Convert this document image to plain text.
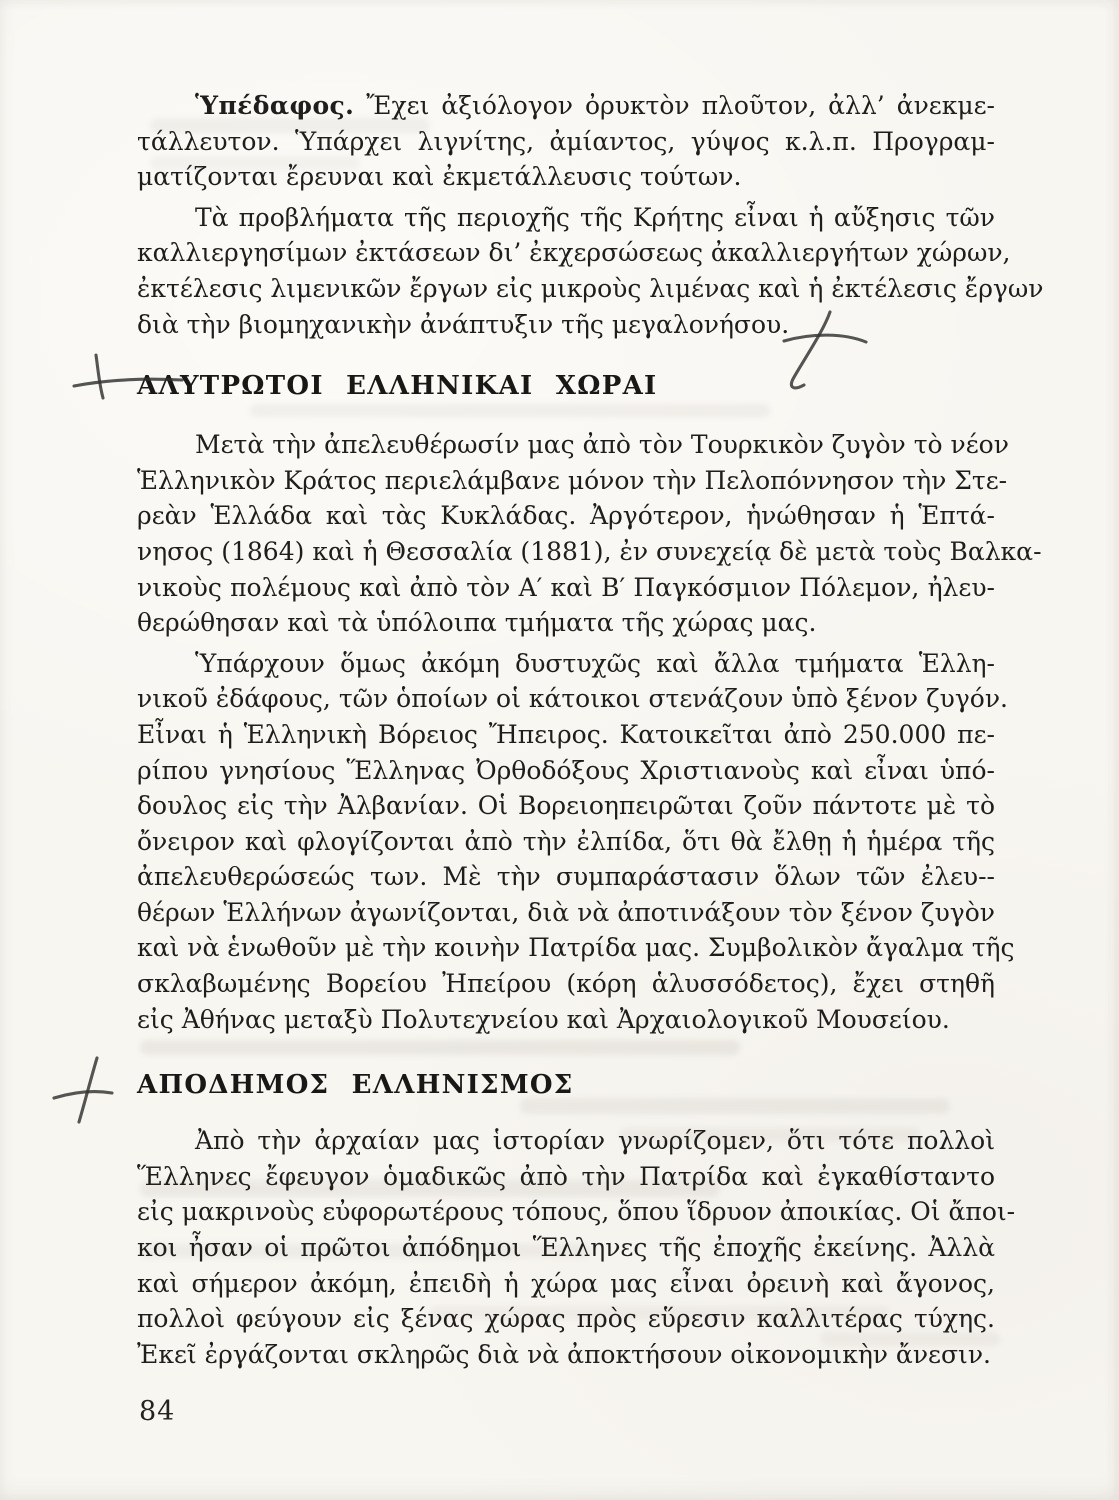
Ὑπέδαφος. Ἔχει ἀξιόλογον ὀρυκτὸν πλοῦτον, ἀλλ’ ἀνεκμε-
τάλλευτον. Ὑπάρχει λιγνίτης, ἀμίαντος, γύψος κ.λ.π. Προγραμ-
ματίζονται ἔρευναι καὶ ἐκμετάλλευσις τούτων.
Τὰ προβλήματα τῆς περιοχῆς τῆς Κρήτης εἶναι ἡ αὔξησις τῶν
καλλιεργησίμων ἐκτάσεων δι’ ἐκχερσώσεως ἀκαλλιεργήτων χώρων,
ἐκτέλεσις λιμενικῶν ἔργων εἰς μικροὺς λιμένας καὶ ἡ ἐκτέλεσις ἔργων
διὰ τὴν βιομηχανικὴν ἀνάπτυξιν τῆς μεγαλονήσου.
ΑΛΥΤΡΩΤΟΙ ΕΛΛΗΝΙΚΑΙ ΧΩΡΑΙ
Μετὰ τὴν ἀπελευθέρωσίν μας ἀπὸ τὸν Τουρκικὸν ζυγὸν τὸ νέον
Ἑλληνικὸν Κράτος περιελάμβανε μόνον τὴν Πελοπόννησον τὴν Στε-
ρεὰν Ἑλλάδα καὶ τὰς Κυκλάδας. Ἀργότερον, ἡνώθησαν ἡ Ἑπτά-
νησος (1864) καὶ ἡ Θεσσαλία (1881), ἐν συνεχείᾳ δὲ μετὰ τοὺς Βαλκα-
νικοὺς πολέμους καὶ ἀπὸ τὸν Α′ καὶ Β′ Παγκόσμιον Πόλεμον, ἠλευ-
θερώθησαν καὶ τὰ ὑπόλοιπα τμήματα τῆς χώρας μας.
Ὑπάρχουν ὅμως ἀκόμη δυστυχῶς καὶ ἄλλα τμήματα Ἑλλη-
νικοῦ ἐδάφους, τῶν ὁποίων οἱ κάτοικοι στενάζουν ὑπὸ ξένον ζυγόν.
Εἶναι ἡ Ἑλληνικὴ Βόρειος Ἤπειρος. Κατοικεῖται ἀπὸ 250.000 πε-
ρίπου γνησίους Ἕλληνας Ὀρθοδόξους Χριστιανοὺς καὶ εἶναι ὑπό-
δουλος εἰς τὴν Ἀλβανίαν. Οἱ Βορειοηπειρῶται ζοῦν πάντοτε μὲ τὸ
ὄνειρον καὶ φλογίζονται ἀπὸ τὴν ἐλπίδα, ὅτι θὰ ἔλθῃ ἡ ἡμέρα τῆς
ἀπελευθερώσεώς των. Μὲ τὴν συμπαράστασιν ὅλων τῶν ἐλευ--
θέρων Ἑλλήνων ἀγωνίζονται, διὰ νὰ ἀποτινάξουν τὸν ξένον ζυγὸν
καὶ νὰ ἑνωθοῦν μὲ τὴν κοινὴν Πατρίδα μας. Συμβολικὸν ἄγαλμα τῆς
σκλαβωμένης Βορείου Ἠπείρου (κόρη ἁλυσσόδετος), ἔχει στηθῆ
εἰς Ἀθήνας μεταξὺ Πολυτεχνείου καὶ Ἀρχαιολογικοῦ Μουσείου.
ΑΠΟΔΗΜΟΣ ΕΛΛΗΝΙΣΜΟΣ
Ἀπὸ τὴν ἀρχαίαν μας ἱστορίαν γνωρίζομεν, ὅτι τότε πολλοὶ
Ἕλληνες ἔφευγον ὁμαδικῶς ἀπὸ τὴν Πατρίδα καὶ ἐγκαθίσταντο
εἰς μακρινοὺς εὐφορωτέρους τόπους, ὅπου ἵδρυον ἀποικίας. Οἱ ἄποι-
κοι ἦσαν οἱ πρῶτοι ἀπόδημοι Ἕλληνες τῆς ἐποχῆς ἐκείνης. Ἀλλὰ
καὶ σήμερον ἀκόμη, ἐπειδὴ ἡ χώρα μας εἶναι ὀρεινὴ καὶ ἄγονος,
πολλοὶ φεύγουν εἰς ξένας χώρας πρὸς εὕρεσιν καλλιτέρας τύχης.
Ἐκεῖ ἐργάζονται σκληρῶς διὰ νὰ ἀποκτήσουν οἰκονομικὴν ἄνεσιν.
84
